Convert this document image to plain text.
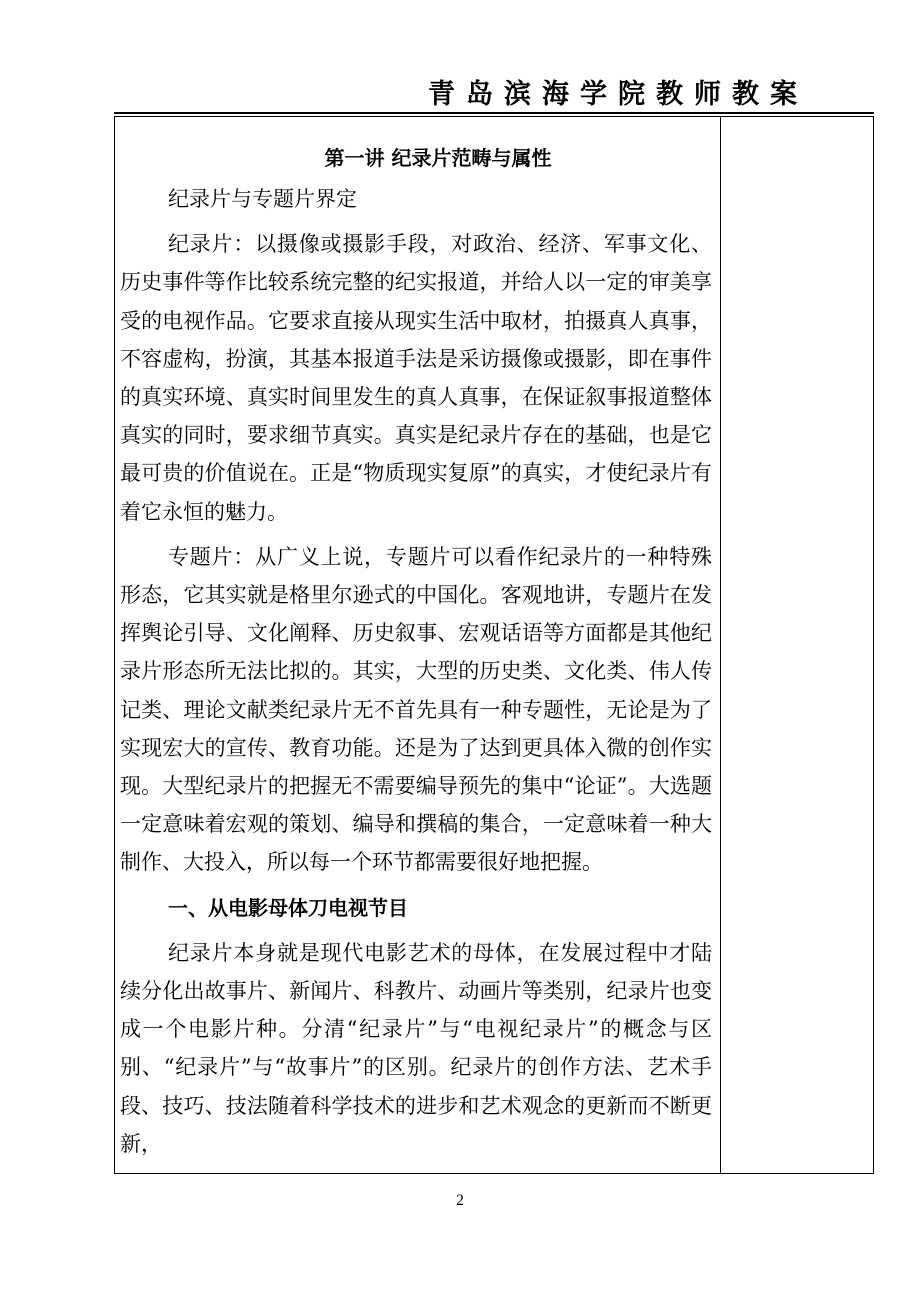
青岛滨海学院教师教案

第一讲 纪录片范畴与属性

纪录片与专题片界定

纪录片：以摄像或摄影手段，对政治、经济、军事文化、历史事件等作比较系统完整的纪实报道，并给人以一定的审美享受的电视作品。它要求直接从现实生活中取材，拍摄真人真事，不容虚构，扮演，其基本报道手法是采访摄像或摄影，即在事件的真实环境、真实时间里发生的真人真事，在保证叙事报道整体真实的同时，要求细节真实。真实是纪录片存在的基础，也是它最可贵的价值说在。正是“物质现实复原”的真实，才使纪录片有着它永恒的魅力。

专题片：从广义上说，专题片可以看作纪录片的一种特殊形态，它其实就是格里尔逊式的中国化。客观地讲，专题片在发挥舆论引导、文化阐释、历史叙事、宏观话语等方面都是其他纪录片形态所无法比拟的。其实，大型的历史类、文化类、伟人传记类、理论文献类纪录片无不首先具有一种专题性，无论是为了实现宏大的宣传、教育功能。还是为了达到更具体入微的创作实现。大型纪录片的把握无不需要编导预先的集中“论证”。大选题一定意味着宏观的策划、编导和撰稿的集合，一定意味着一种大制作、大投入，所以每一个环节都需要很好地把握。

一、从电影母体刀电视节目

纪录片本身就是现代电影艺术的母体，在发展过程中才陆续分化出故事片、新闻片、科教片、动画片等类别，纪录片也变成一个电影片种。分清“纪录片”与“电视纪录片”的概念与区别、“纪录片”与“故事片”的区别。纪录片的创作方法、艺术手段、技巧、技法随着科学技术的进步和艺术观念的更新而不断更新，

2
